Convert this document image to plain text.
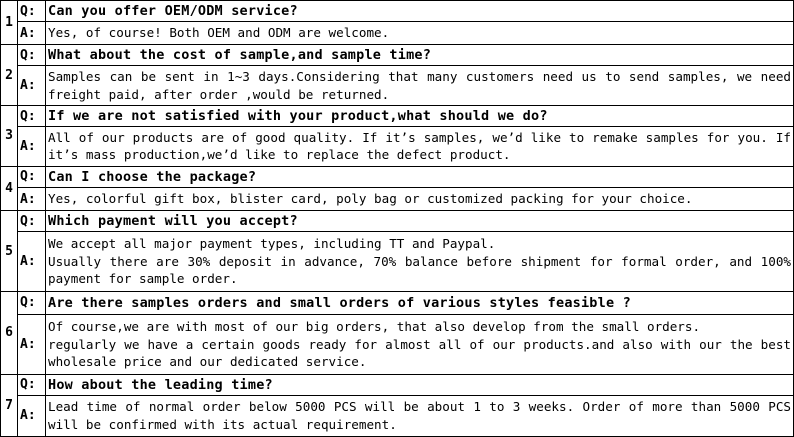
1	Q:	Can you offer OEM/ODM service?
	A:	Yes, of course! Both OEM and ODM are welcome.

2	Q:	What about the cost of sample,and sample time?
	A:	Samples can be sent in 1~3 days.Considering that many customers need us to send samples, we need freight paid, after order ,would be returned.

3	Q:	If we are not satisfied with your product,what should we do?
	A:	All of our products are of good quality. If it’s samples, we’d like to remake samples for you. If it’s mass production,we’d like to replace the defect product.

4	Q:	Can I choose the package?
	A:	Yes, colorful gift box, blister card, poly bag or customized packing for your choice.

5	Q:	Which payment will you accept?
	A:	We accept all major payment types, including TT and Paypal.
Usually there are 30% deposit in advance, 70% balance before shipment for formal order, and 100% payment for sample order.

6	Q:	Are there samples orders and small orders of various styles feasible ?
	A:	Of course,we are with most of our big orders, that also develop from the small orders.
regularly we have a certain goods ready for almost all of our products.and also with our the best wholesale price and our dedicated service.

7	Q:	How about the leading time?
	A:	Lead time of normal order below 5000 PCS will be about 1 to 3 weeks. Order of more than 5000 PCS will be confirmed with its actual requirement.
